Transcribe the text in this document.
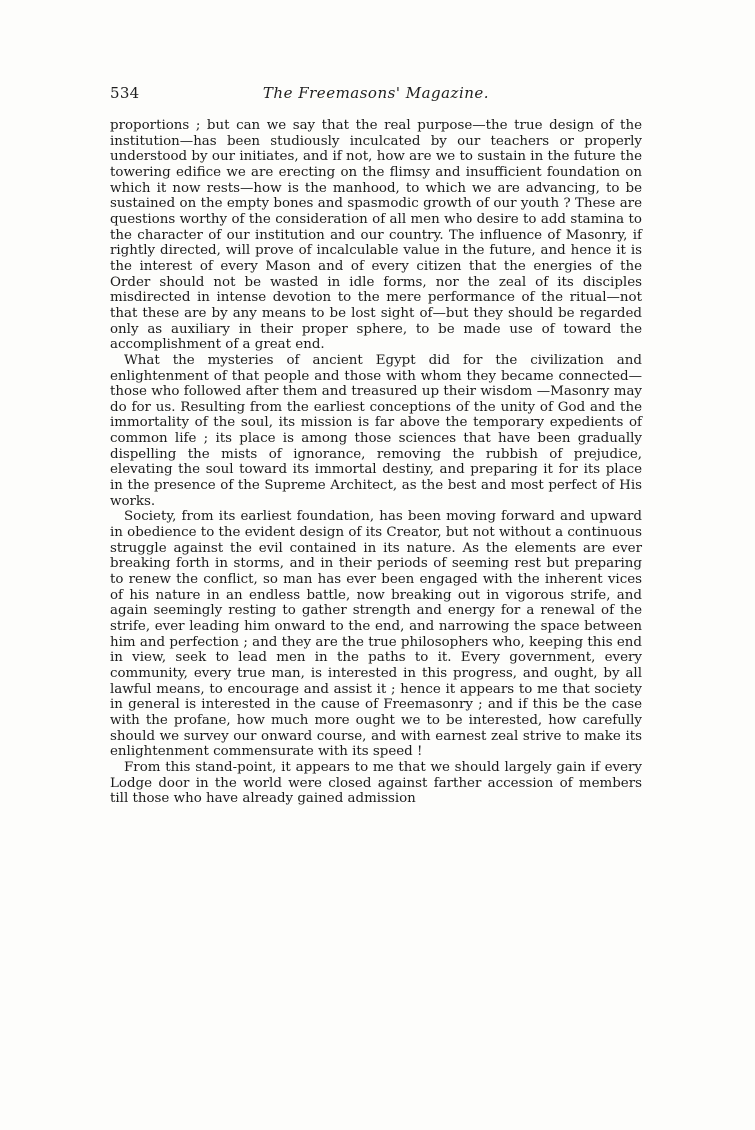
534	The Freemasons' Magazine.

proportions ; but can we say that the real purpose—the true design of the institution—has been studiously inculcated by our teachers or properly understood by our initiates, and if not, how are we to sustain in the future the towering edifice we are erecting on the flimsy and insufficient foundation on which it now rests—how is the manhood, to which we are advancing, to be sustained on the empty bones and spasmodic growth of our youth ? These are questions worthy of the consideration of all men who desire to add stamina to the character of our institution and our country. The influence of Masonry, if rightly directed, will prove of incalculable value in the future, and hence it is the interest of every Mason and of every citizen that the energies of the Order should not be wasted in idle forms, nor the zeal of its disciples misdirected in intense devotion to the mere performance of the ritual—not that these are by any means to be lost sight of—but they should be regarded only as auxiliary in their proper sphere, to be made use of toward the accomplishment of a great end.

What the mysteries of ancient Egypt did for the civilization and enlightenment of that people and those with whom they became connected—those who followed after them and treasured up their wisdom —Masonry may do for us. Resulting from the earliest conceptions of the unity of God and the immortality of the soul, its mission is far above the temporary expedients of common life ; its place is among those sciences that have been gradually dispelling the mists of ignorance, removing the rubbish of prejudice, elevating the soul toward its immortal destiny, and preparing it for its place in the presence of the Supreme Architect, as the best and most perfect of His works.

Society, from its earliest foundation, has been moving forward and upward in obedience to the evident design of its Creator, but not without a continuous struggle against the evil contained in its nature. As the elements are ever breaking forth in storms, and in their periods of seeming rest but preparing to renew the conflict, so man has ever been engaged with the inherent vices of his nature in an endless battle, now breaking out in vigorous strife, and again seemingly resting to gather strength and energy for a renewal of the strife, ever leading him onward to the end, and narrowing the space between him and perfection ; and they are the true philosophers who, keeping this end in view, seek to lead men in the paths to it. Every government, every community, every true man, is interested in this progress, and ought, by all lawful means, to encourage and assist it ; hence it appears to me that society in general is interested in the cause of Freemasonry ; and if this be the case with the profane, how much more ought we to be interested, how carefully should we survey our onward course, and with earnest zeal strive to make its enlightenment commensurate with its speed !

From this stand-point, it appears to me that we should largely gain if every Lodge door in the world were closed against farther accession of members till those who have already gained admission
